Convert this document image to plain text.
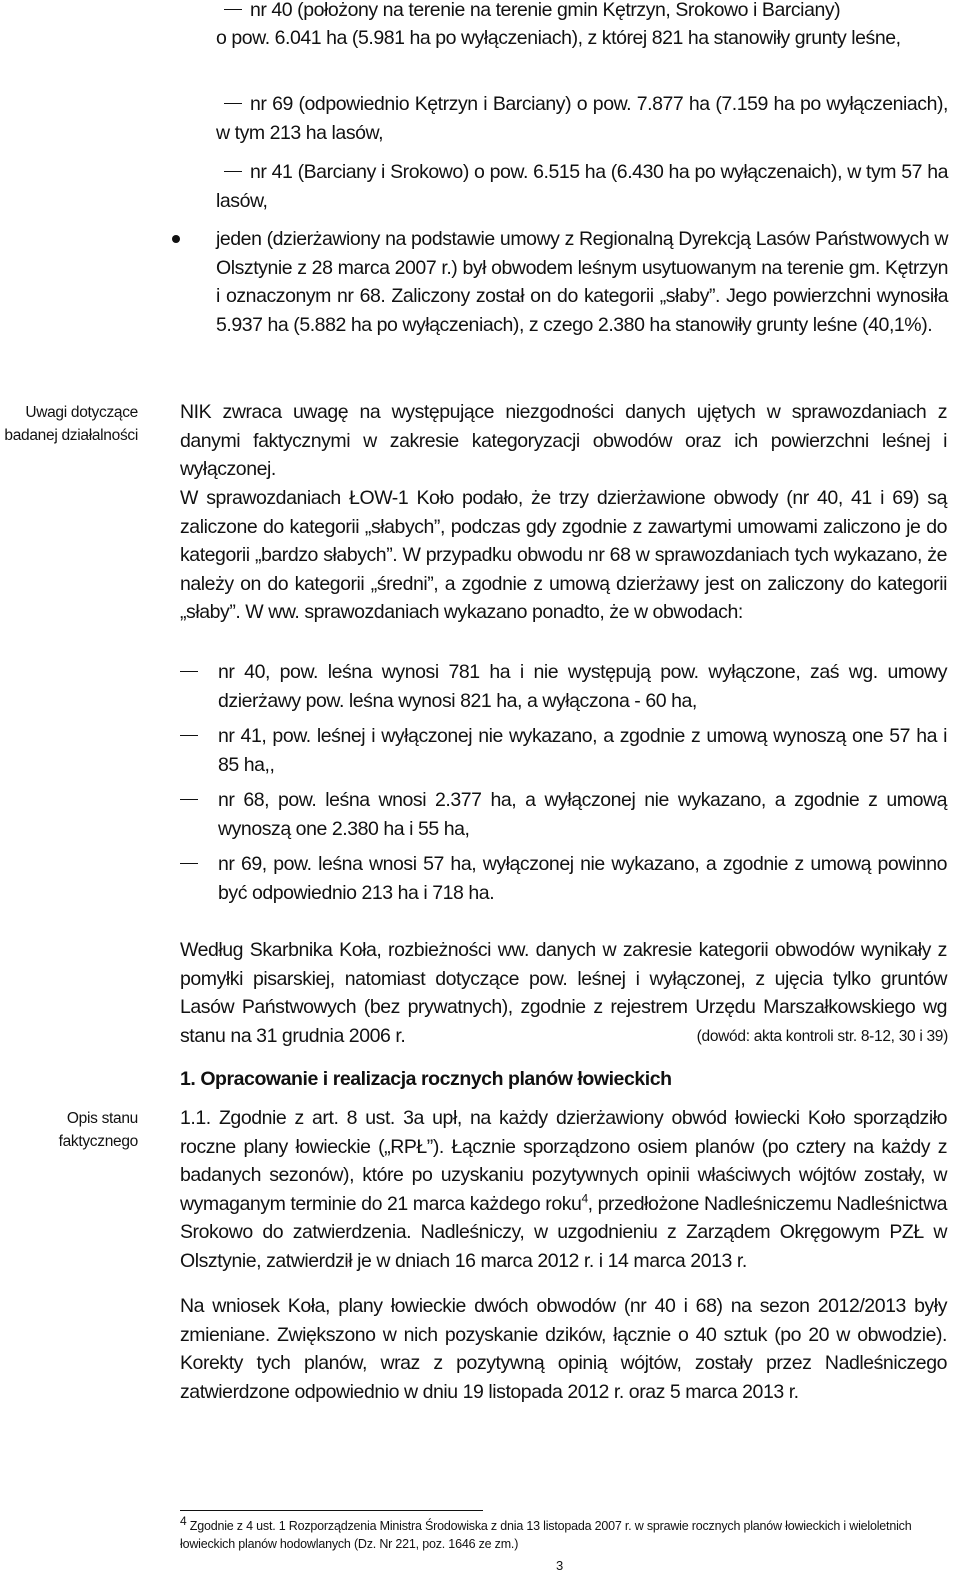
nr 40 (położony na terenie na terenie gmin Kętrzyn, Srokowo i Barciany)

o pow. 6.041 ha (5.981 ha po wyłączeniach), z której 821 ha stanowiły grunty leśne,

nr 69 (odpowiednio Kętrzyn i Barciany) o pow. 7.877 ha (7.159 ha po wyłączeniach), w tym 213 ha lasów,

nr 41 (Barciany i Srokowo) o pow. 6.515 ha (6.430 ha po wyłączenaich), w tym 57 ha lasów,

jeden (dzierżawiony na podstawie umowy z Regionalną Dyrekcją Lasów Państwowych w Olsztynie z 28 marca 2007 r.) był obwodem leśnym usytuowanym na terenie gm. Kętrzyn i oznaczonym nr 68. Zaliczony został on do kategorii „słaby”. Jego powierzchni wynosiła 5.937 ha (5.882 ha po wyłączeniach), z czego 2.380 ha stanowiły grunty leśne (40,1%).

Uwagi dotyczące badanej działalności
Opis stanu faktycznego

NIK zwraca uwagę na występujące niezgodności danych ujętych w sprawozdaniach z danymi faktycznymi w zakresie kategoryzacji obwodów oraz ich powierzchni leśnej i wyłączonej.

W sprawozdaniach ŁOW-1 Koło podało, że trzy dzierżawione obwody (nr 40, 41 i 69) są zaliczone do kategorii „słabych”, podczas gdy zgodnie z zawartymi umowami zaliczono je do kategorii „bardzo słabych”. W przypadku obwodu nr 68 w sprawozdaniach tych wykazano, że należy on do kategorii „średni”, a zgodnie z umową dzierżawy jest on zaliczony do kategorii „słaby”. W ww. sprawozdaniach wykazano ponadto, że w obwodach:

nr 40, pow. leśna wynosi 781 ha i nie występują pow. wyłączone, zaś wg. umowy dzierżawy pow. leśna wynosi 821 ha, a wyłączona - 60 ha,

nr 41, pow. leśnej i wyłączonej nie wykazano, a zgodnie z umową wynoszą one 57 ha i 85 ha,,

nr 68, pow. leśna wnosi 2.377 ha, a wyłączonej nie wykazano, a zgodnie z umową wynoszą one 2.380 ha i 55 ha,

nr 69, pow. leśna wnosi 57 ha, wyłączonej nie wykazano, a zgodnie z umową powinno być odpowiednio 213 ha i 718 ha.

Według Skarbnika Koła, rozbieżności ww. danych w zakresie kategorii obwodów wynikały z pomyłki pisarskiej, natomiast dotyczące pow. leśnej i wyłączonej, z ujęcia tylko gruntów Lasów Państwowych (bez prywatnych), zgodnie z rejestrem Urzędu Marszałkowskiego wg stanu na 31 grudnia 2006 r.	(dowód: akta kontroli str. 8-12, 30 i 39)
1. Opracowanie i realizacja rocznych planów łowieckich

1.1. Zgodnie z art. 8 ust. 3a upł, na każdy dzierżawiony obwód łowiecki Koło sporządziło roczne plany łowieckie („RPŁ”). Łącznie sporządzono osiem planów (po cztery na każdy z badanych sezonów), które po uzyskaniu pozytywnych opinii właściwych wójtów zostały, w wymaganym terminie do 21 marca każdego roku$^4$, przedłożone Nadleśniczemu Nadleśnictwa Srokowo do zatwierdzenia. Nadleśniczy, w uzgodnieniu z Zarządem Okręgowym PZŁ w Olsztynie, zatwierdził je w dniach 16 marca 2012 r. i 14 marca 2013 r.

Na wniosek Koła, plany łowieckie dwóch obwodów (nr 40 i 68) na sezon 2012/2013 były zmieniane. Zwiększono w nich pozyskanie dzików, łącznie o 40 sztuk (po 20 w obwodzie). Korekty tych planów, wraz z pozytywną opinią wójtów, zostały przez Nadleśniczego zatwierdzone odpowiednio w dniu 19 listopada 2012 r. oraz 5 marca 2013 r.

$^4$ Zgodnie z 4 ust. 1 Rozporządzenia Ministra Środowiska z dnia 13 listopada 2007 r. w sprawie rocznych planów łowieckich i wieloletnich łowieckich planów hodowlanych (Dz. Nr 221, poz. 1646 ze zm.)
3
